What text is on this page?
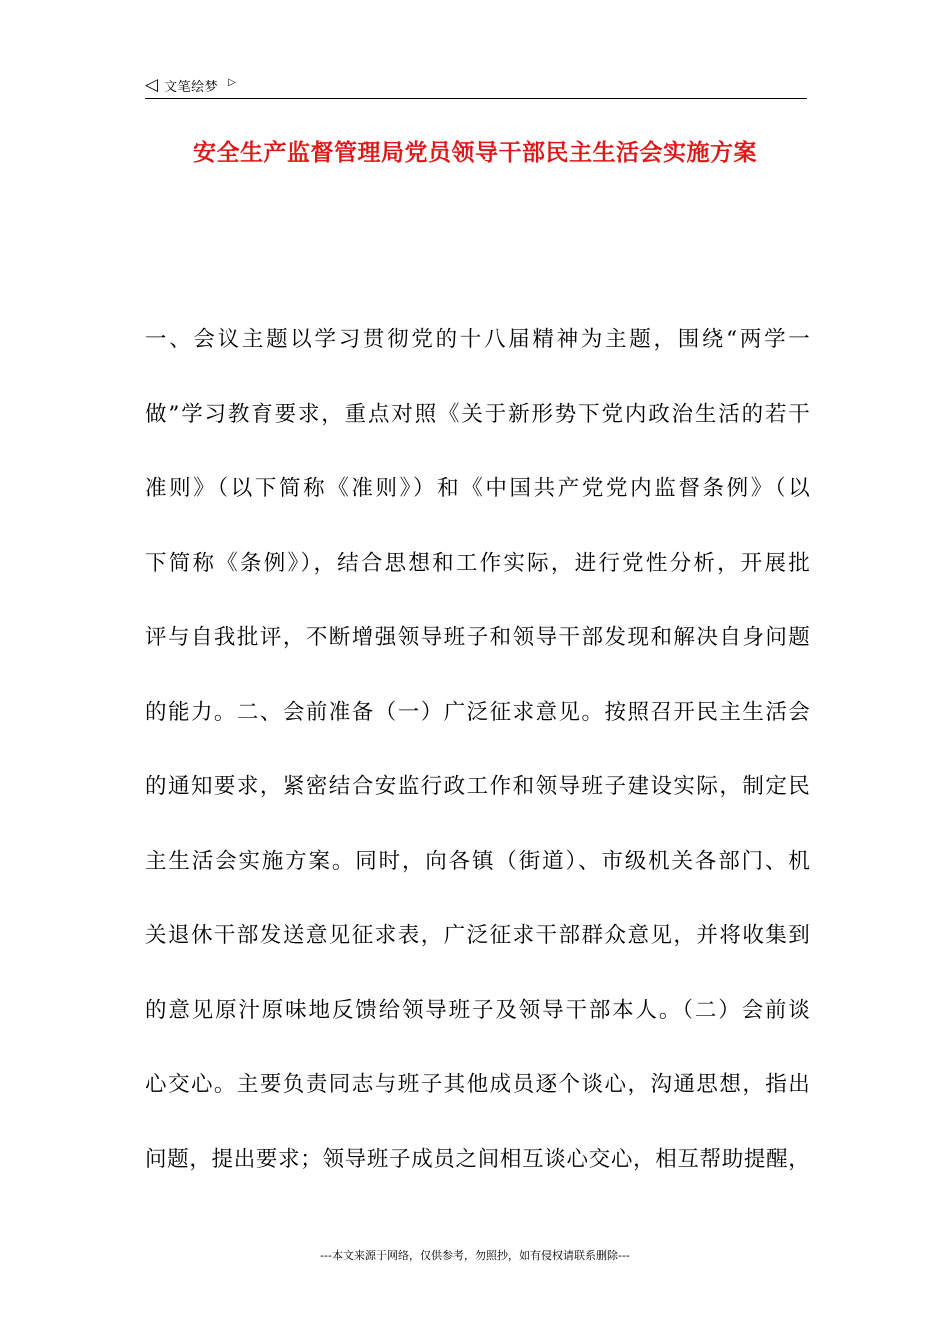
◁ 文笔绘梦 ▷
安全生产监督管理局党员领导干部民主生活会实施方案
一、会议主题以学习贯彻党的十八届精神为主题，围绕“两学一
做”学习教育要求，重点对照《关于新形势下党内政治生活的若干
准则》（以下简称《准则》）和《中国共产党党内监督条例》（以
下简称《条例》），结合思想和工作实际，进行党性分析，开展批
评与自我批评，不断增强领导班子和领导干部发现和解决自身问题
的能力。二、会前准备（一）广泛征求意见。按照召开民主生活会
的通知要求，紧密结合安监行政工作和领导班子建设实际，制定民
主生活会实施方案。同时，向各镇（街道）、市级机关各部门、机
关退休干部发送意见征求表，广泛征求干部群众意见，并将收集到
的意见原汁原味地反馈给领导班子及领导干部本人。（二）会前谈
心交心。主要负责同志与班子其他成员逐个谈心，沟通思想，指出
问题，提出要求；领导班子成员之间相互谈心交心，相互帮助提醒，
---本文来源于网络，仅供参考，勿照抄，如有侵权请联系删除---
